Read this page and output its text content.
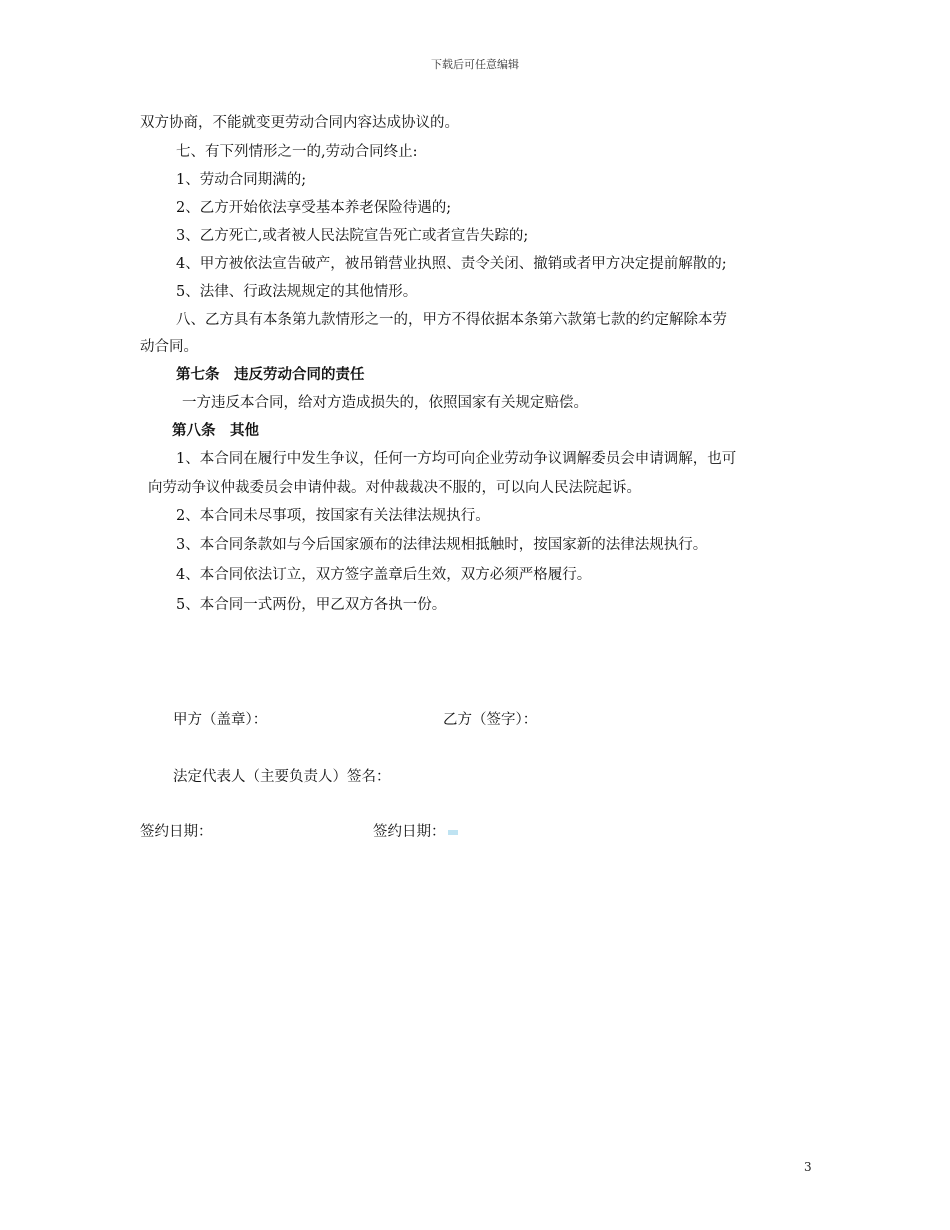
下载后可任意编辑
双方协商，不能就变更劳动合同内容达成协议的。
七、有下列情形之一的,劳动合同终止:
1、劳动合同期满的;
2、乙方开始依法享受基本养老保险待遇的;
3、乙方死亡,或者被人民法院宣告死亡或者宣告失踪的;
4、甲方被依法宣告破产，被吊销营业执照、责令关闭、撤销或者甲方决定提前解散的;
5、法律、行政法规规定的其他情形。
八、乙方具有本条第九款情形之一的，甲方不得依据本条第六款第七款的约定解除本劳
动合同。
第七条　违反劳动合同的责任
一方违反本合同，给对方造成损失的，依照国家有关规定赔偿。
第八条　其他
1、本合同在履行中发生争议，任何一方均可向企业劳动争议调解委员会申请调解，也可
向劳动争议仲裁委员会申请仲裁。对仲裁裁决不服的，可以向人民法院起诉。
2、本合同未尽事项，按国家有关法律法规执行。
3、本合同条款如与今后国家颁布的法律法规相抵触时，按国家新的法律法规执行。
4、本合同依法订立，双方签字盖章后生效，双方必须严格履行。
5、本合同一式两份，甲乙双方各执一份。
甲方（盖章）：	乙方（签字）：
法定代表人（主要负责人）签名：
签约日期：	签约日期：
3
